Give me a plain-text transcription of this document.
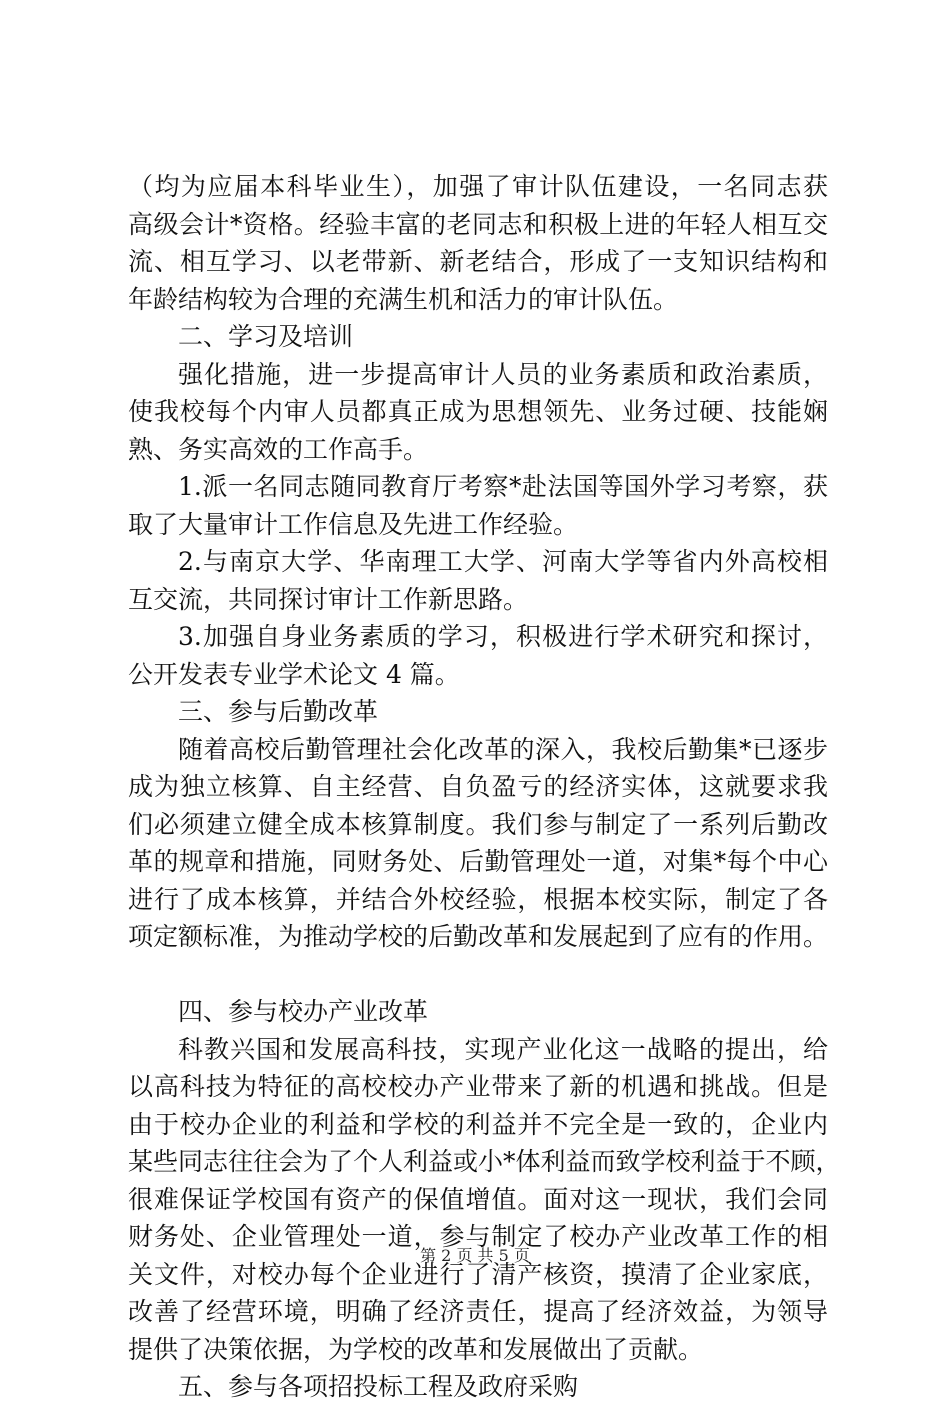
（均为应届本科毕业生），加强了审计队伍建设，一名同志获
高级会计*资格。经验丰富的老同志和积极上进的年轻人相互交
流、相互学习、以老带新、新老结合，形成了一支知识结构和
年龄结构较为合理的充满生机和活力的审计队伍。
二、学习及培训
强化措施，进一步提高审计人员的业务素质和政治素质，
使我校每个内审人员都真正成为思想领先、业务过硬、技能娴
熟、务实高效的工作高手。
1.派一名同志随同教育厅考察*赴法国等国外学习考察，获
取了大量审计工作信息及先进工作经验。
2.与南京大学、华南理工大学、河南大学等省内外高校相
互交流，共同探讨审计工作新思路。
3.加强自身业务素质的学习，积极进行学术研究和探讨，
公开发表专业学术论文 4 篇。
三、参与后勤改革
随着高校后勤管理社会化改革的深入，我校后勤集*已逐步
成为独立核算、自主经营、自负盈亏的经济实体，这就要求我
们必须建立健全成本核算制度。我们参与制定了一系列后勤改
革的规章和措施，同财务处、后勤管理处一道，对集*每个中心
进行了成本核算，并结合外校经验，根据本校实际，制定了各
项定额标准，为推动学校的后勤改革和发展起到了应有的作用。
四、参与校办产业改革
科教兴国和发展高科技，实现产业化这一战略的提出，给
以高科技为特征的高校校办产业带来了新的机遇和挑战。但是
由于校办企业的利益和学校的利益并不完全是一致的，企业内
某些同志往往会为了个人利益或小*体利益而致学校利益于不顾，
很难保证学校国有资产的保值增值。面对这一现状，我们会同
财务处、企业管理处一道，参与制定了校办产业改革工作的相
关文件，对校办每个企业进行了清产核资，摸清了企业家底，
改善了经营环境，明确了经济责任，提高了经济效益，为领导
提供了决策依据，为学校的改革和发展做出了贡献。
五、参与各项招投标工程及政府采购
第 2 页 共 5 页
